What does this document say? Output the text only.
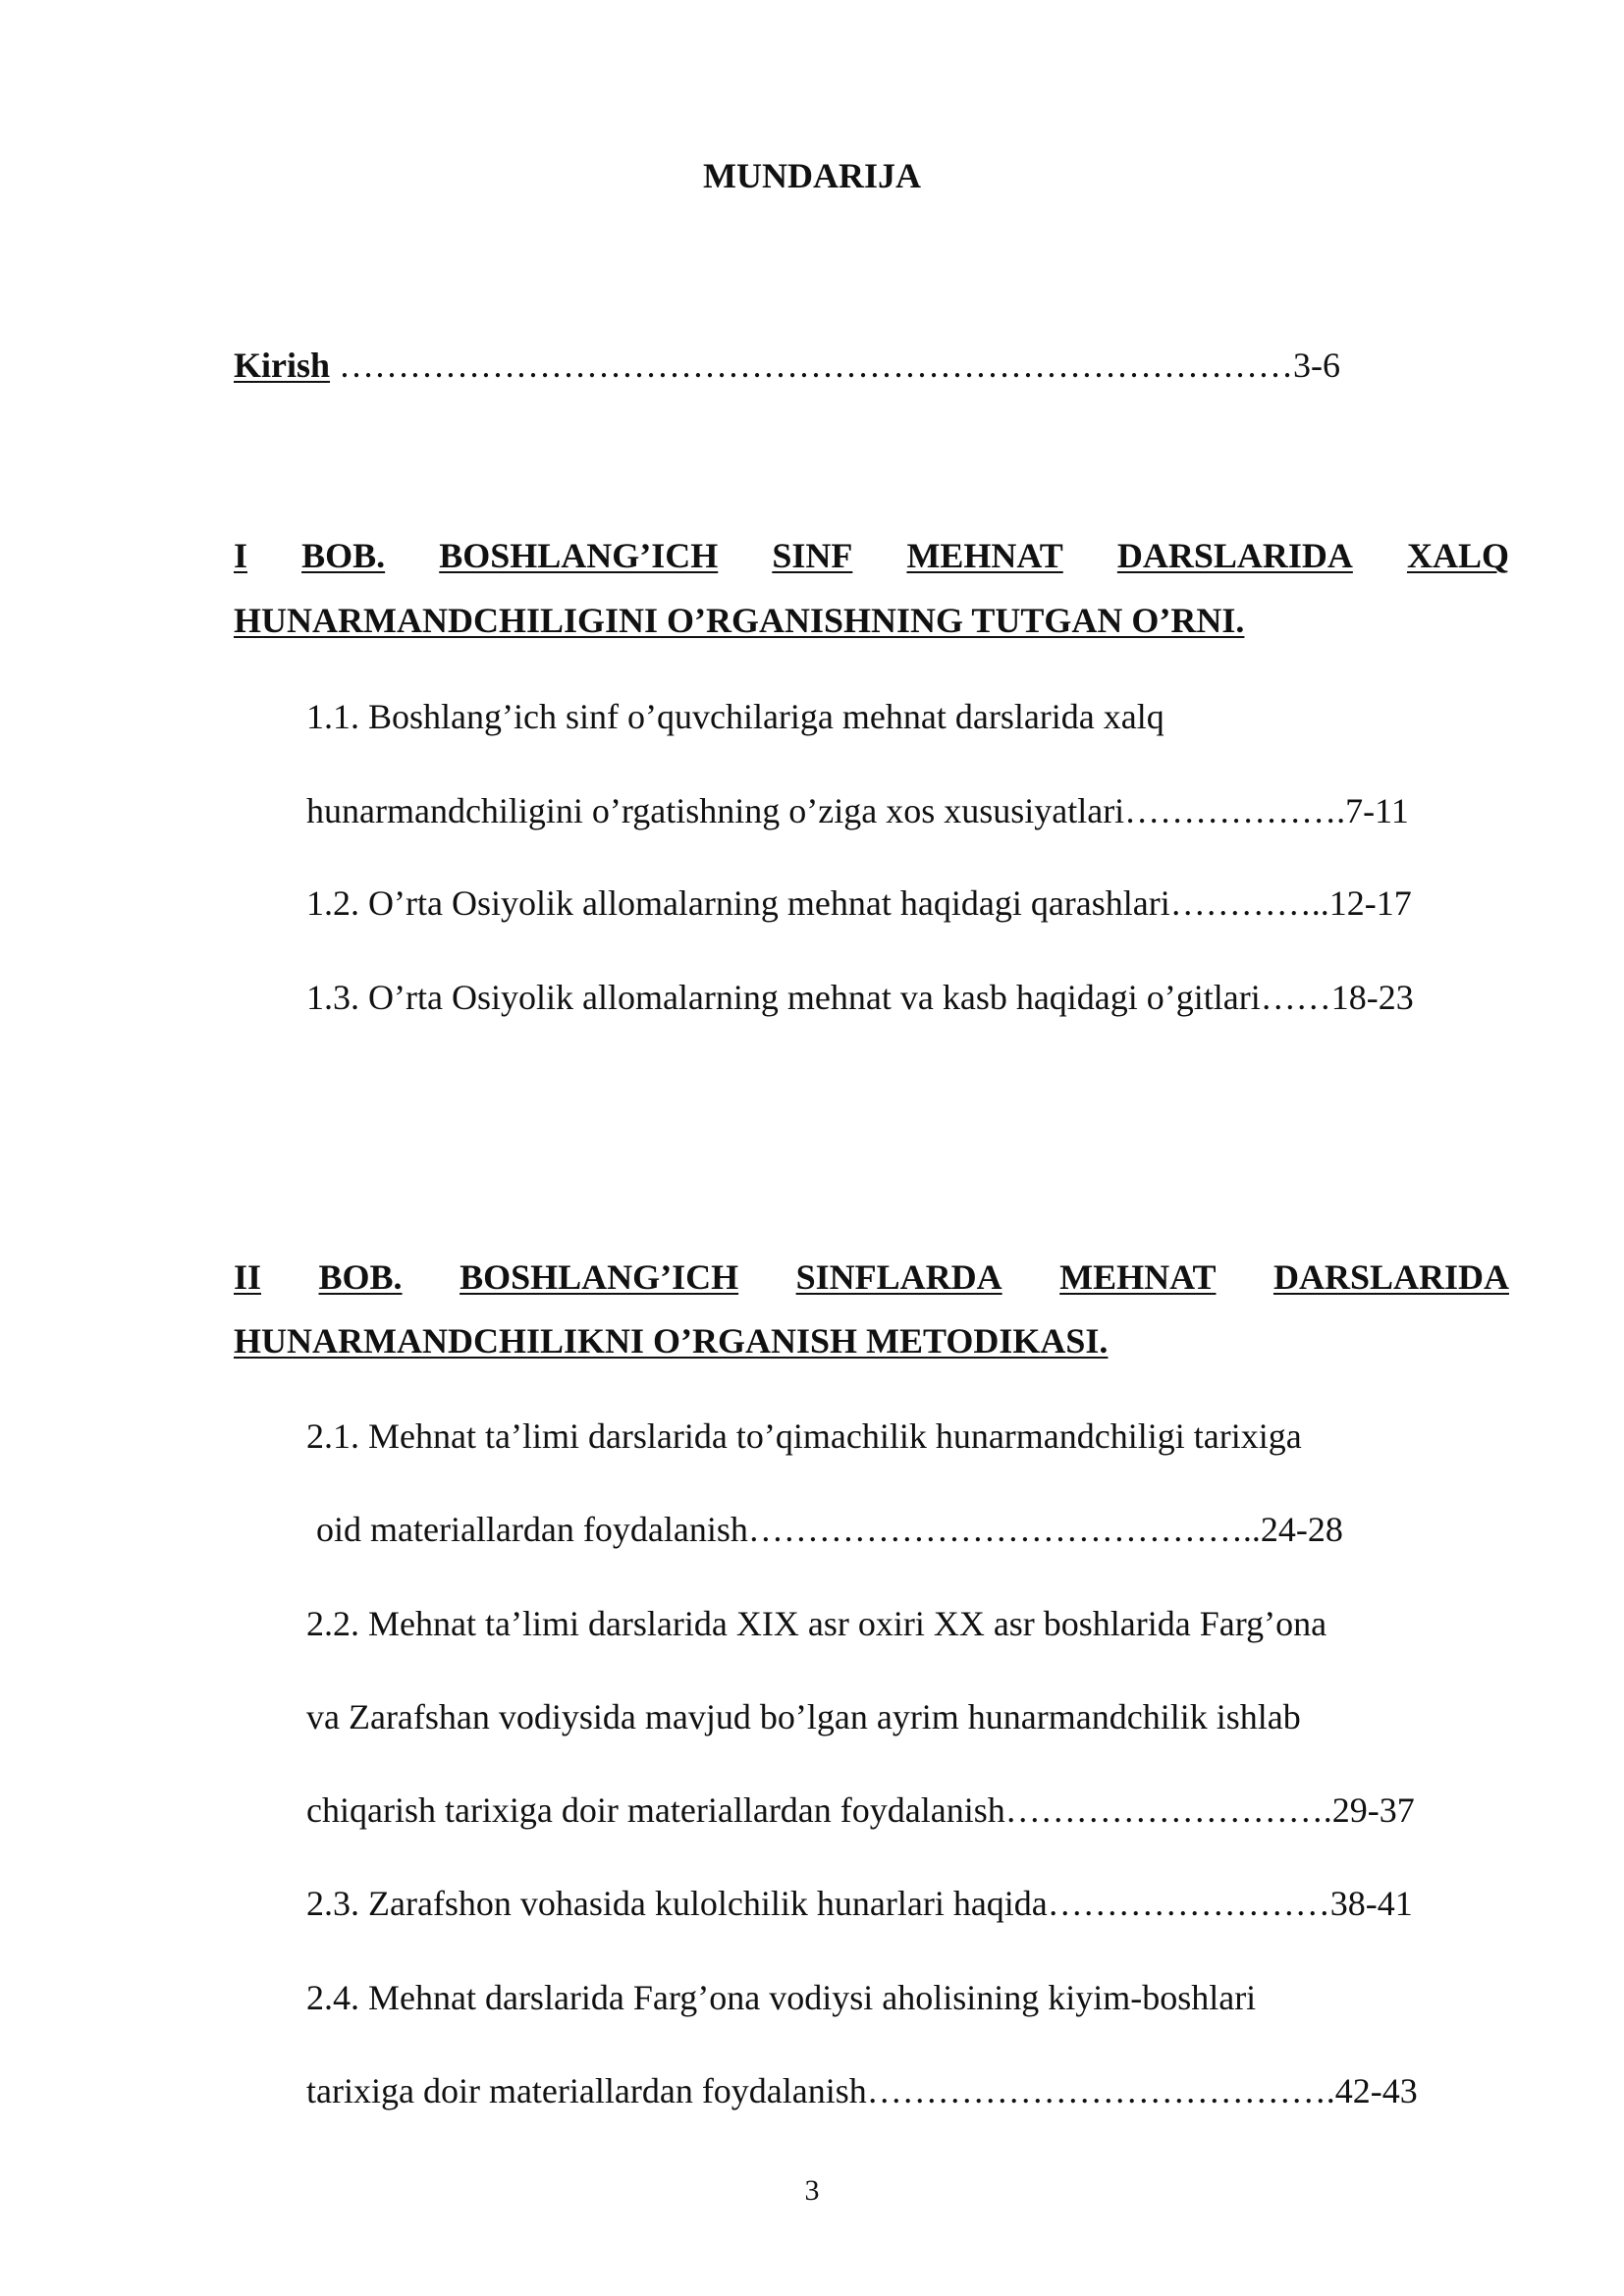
MUNDARIJA
Kirish ………………………………………………………………………3-6
I BOB. BOSHLANG’ICH SINF MEHNAT DARSLARIDA XALQ
HUNARMANDCHILIGINI O’RGANISHNING TUTGAN O’RNI.
1.1. Boshlang’ich sinf o’quvchilariga mehnat darslarida xalq
hunarmandchiligini o’rgatishning o’ziga xos xususiyatlari……………….7-11
1.2. O’rta Osiyolik allomalarning mehnat haqidagi qarashlari…………..12-17
1.3. O’rta Osiyolik allomalarning mehnat va kasb haqidagi o’gitlari……18-23
II BOB. BOSHLANG’ICH SINFLARDA MEHNAT DARSLARIDA
HUNARMANDCHILIKNI O’RGANISH METODIKASI.
2.1. Mehnat ta’limi darslarida to’qimachilik hunarmandchiligi tarixiga
oid materiallardan foydalanish……………………………………..24-28
2.2. Mehnat ta’limi darslarida XIX asr oxiri XX asr boshlarida Farg’ona
va Zarafshan vodiysida mavjud bo’lgan ayrim hunarmandchilik ishlab
chiqarish tarixiga doir materiallardan foydalanish……………………….29-37
2.3. Zarafshon vohasida kulolchilik hunarlari haqida……………………38-41
2.4. Mehnat darslarida Farg’ona vodiysi aholisining kiyim-boshlari
tarixiga doir materiallardan foydalanish………………………………….42-43
3
